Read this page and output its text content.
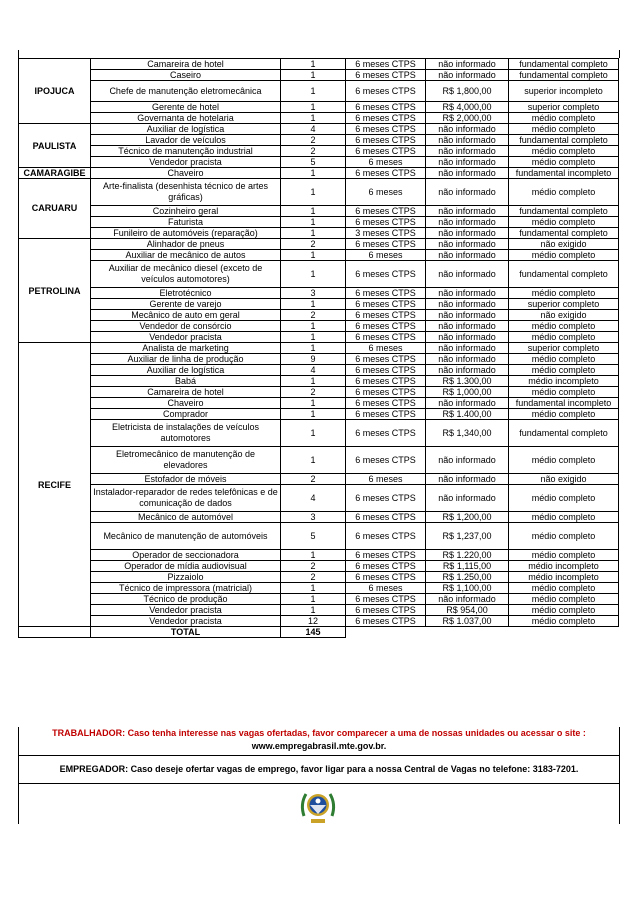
IPOJUCA	Camareira de hotel	1	6 meses CTPS	não informado	fundamental completo
	Caseiro	1	6 meses CTPS	não informado	fundamental completo
	Chefe de manutenção eletromecânica	1	6 meses CTPS	R$ 1,800,00	superior incompleto
	Gerente de hotel	1	6 meses CTPS	R$ 4,000,00	superior completo
	Governanta de hotelaria	1	6 meses CTPS	R$ 2,000,00	médio completo
PAULISTA	Auxiliar de logística	4	6 meses CTPS	não informado	médio completo
	Lavador de veículos	2	6 meses CTPS	não informado	fundamental completo
	Técnico de manutenção industrial	2	6 meses CTPS	não informado	médio completo
	Vendedor pracista	5	6 meses	não informado	médio completo
CAMARAGIBE	Chaveiro	1	6 meses CTPS	não informado	fundamental incompleto
CARUARU	Arte-finalista (desenhista técnico de artes gráficas)	1	6 meses	não informado	médio completo
	Cozinheiro geral	1	6 meses CTPS	não informado	fundamental completo
	Faturista	1	6 meses CTPS	não informado	médio completo
	Funileiro de automóveis (reparação)	1	3 meses CTPS	não informado	fundamental completo
PETROLINA	Alinhador de pneus	2	6 meses CTPS	não informado	não exigido
	Auxiliar de mecânico de autos	1	6 meses	não informado	médio completo
	Auxiliar de mecânico diesel (exceto de veículos automotores)	1	6 meses CTPS	não informado	fundamental completo
	Eletrotécnico	3	6 meses CTPS	não informado	médio completo
	Gerente de varejo	1	6 meses CTPS	não informado	superior completo
	Mecânico de auto em geral	2	6 meses CTPS	não informado	não exigido
	Vendedor de consórcio	1	6 meses CTPS	não informado	médio completo
	Vendedor pracista	1	6 meses CTPS	não informado	médio completo
RECIFE	Analista de marketing	1	6 meses	não informado	superior completo
	Auxiliar de linha de produção	9	6 meses CTPS	não informado	médio completo
	Auxiliar de logística	4	6 meses CTPS	não informado	médio completo
	Babá	1	6 meses CTPS	R$ 1.300,00	médio incompleto
	Camareira de hotel	2	6 meses CTPS	R$ 1,000,00	médio completo
	Chaveiro	1	6 meses CTPS	não informado	fundamental incompleto
	Comprador	1	6 meses CTPS	R$ 1.400,00	médio completo
	Eletricista de instalações de veículos automotores	1	6 meses CTPS	R$ 1,340,00	fundamental completo
	Eletromecânico de manutenção de elevadores	1	6 meses CTPS	não informado	médio completo
	Estofador de móveis	2	6 meses	não informado	não exigido
	Instalador-reparador de redes telefônicas e de comunicação de dados	4	6 meses CTPS	não informado	médio completo
	Mecânico de automóvel	3	6 meses CTPS	R$ 1,200,00	médio completo
	Mecânico de manutenção de automóveis	5	6 meses CTPS	R$ 1,237,00	médio completo
	Operador de seccionadora	1	6 meses CTPS	R$ 1.220,00	médio completo
	Operador de mídia audiovisual	2	6 meses CTPS	R$ 1,115,00	médio incompleto
	Pizzaiolo	2	6 meses CTPS	R$ 1.250,00	médio incompleto
	Técnico de impressora (matricial)	1	6 meses	R$ 1,100,00	médio completo
	Técnico de produção	1	6 meses CTPS	não informado	médio completo
	Vendedor pracista	1	6 meses CTPS	R$ 954,00	médio completo
	Vendedor pracista	12	6 meses CTPS	R$ 1.037,00	médio completo
	TOTAL	145			
TRABALHADOR: Caso tenha interesse nas vagas ofertadas, favor comparecer a uma de nossas unidades ou acessar o site :
www.empregabrasil.mte.gov.br.
EMPREGADOR: Caso deseje ofertar vagas de emprego, favor ligar para a nossa Central de Vagas no telefone: 3183-7201.
